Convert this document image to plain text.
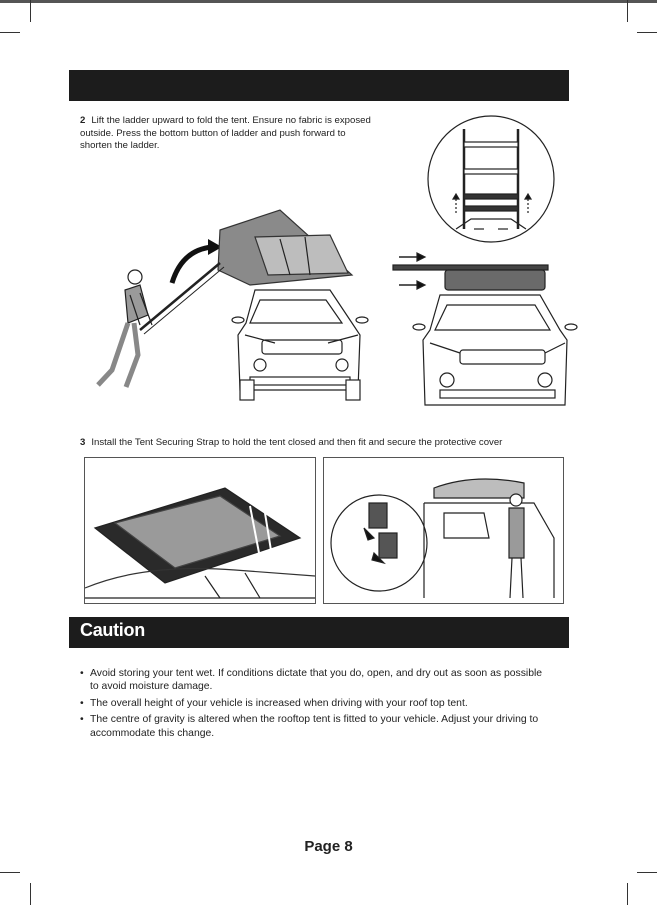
2 Lift the ladder upward to fold the tent. Ensure no fabric is exposed outside. Press the bottom button of ladder and push forward to shorten the ladder.
3 Install the Tent Securing Strap to hold the tent closed and then fit and secure the protective cover
Caution
• Avoid storing your tent wet. If conditions dictate that you do, open, and dry out as soon as possible to avoid moisture damage.
• The overall height of your vehicle is increased when driving with your roof top tent.
• The centre of gravity is altered when the rooftop tent is fitted to your vehicle. Adjust your driving to accommodate this change.
Page 8
